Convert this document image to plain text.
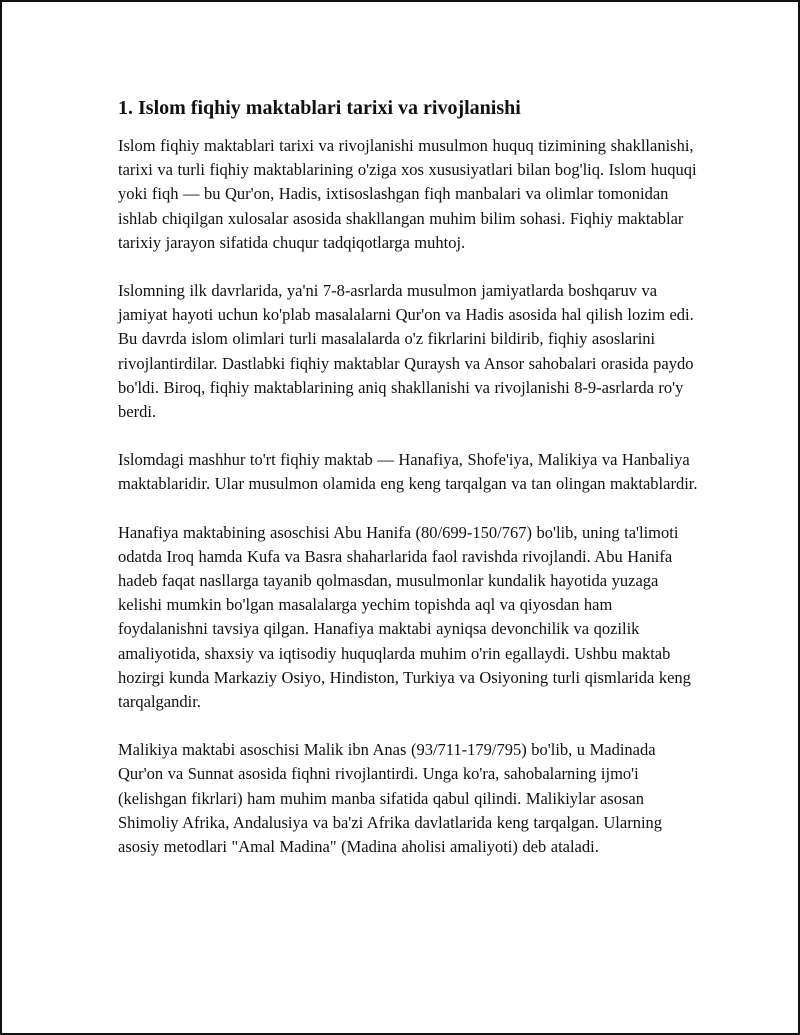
1. Islom fiqhiy maktablari tarixi va rivojlanishi

Islom fiqhiy maktablari tarixi va rivojlanishi musulmon huquq tizimining shakllanishi, tarixi va turli fiqhiy maktablarining o'ziga xos xususiyatlari bilan bog'liq. Islom huquqi yoki fiqh — bu Qur'on, Hadis, ixtisoslashgan fiqh manbalari va olimlar tomonidan ishlab chiqilgan xulosalar asosida shakllangan muhim bilim sohasi. Fiqhiy maktablar tarixiy jarayon sifatida chuqur tadqiqotlarga muhtoj.

Islomning ilk davrlarida, ya'ni 7-8-asrlarda musulmon jamiyatlarda boshqaruv va jamiyat hayoti uchun ko'plab masalalarni Qur'on va Hadis asosida hal qilish lozim edi. Bu davrda islom olimlari turli masalalarda o'z fikrlarini bildirib, fiqhiy asoslarini rivojlantirdilar. Dastlabki fiqhiy maktablar Quraysh va Ansor sahobalari orasida paydo bo'ldi. Biroq, fiqhiy maktablarining aniq shakllanishi va rivojlanishi 8-9-asrlarda ro'y berdi.

Islomdagi mashhur to'rt fiqhiy maktab — Hanafiya, Shofe'iya, Malikiya va Hanbaliya maktablaridir. Ular musulmon olamida eng keng tarqalgan va tan olingan maktablardir.

Hanafiya maktabining asoschisi Abu Hanifa (80/699-150/767) bo'lib, uning ta'limoti odatda Iroq hamda Kufa va Basra shaharlarida faol ravishda rivojlandi. Abu Hanifa hadeb faqat nasllarga tayanib qolmasdan, musulmonlar kundalik hayotida yuzaga kelishi mumkin bo'lgan masalalarga yechim topishda aql va qiyosdan ham foydalanishni tavsiya qilgan. Hanafiya maktabi ayniqsa devonchilik va qozilik amaliyotida, shaxsiy va iqtisodiy huquqlarda muhim o'rin egallaydi. Ushbu maktab hozirgi kunda Markaziy Osiyo, Hindiston, Turkiya va Osiyoning turli qismlarida keng tarqalgandir.

Malikiya maktabi asoschisi Malik ibn Anas (93/711-179/795) bo'lib, u Madinada Qur'on va Sunnat asosida fiqhni rivojlantirdi. Unga ko'ra, sahobalarning ijmo'i (kelishgan fikrlari) ham muhim manba sifatida qabul qilindi. Malikiylar asosan Shimoliy Afrika, Andalusiya va ba'zi Afrika davlatlarida keng tarqalgan. Ularning asosiy metodlari "Amal Madina" (Madina aholisi amaliyoti) deb ataladi.
